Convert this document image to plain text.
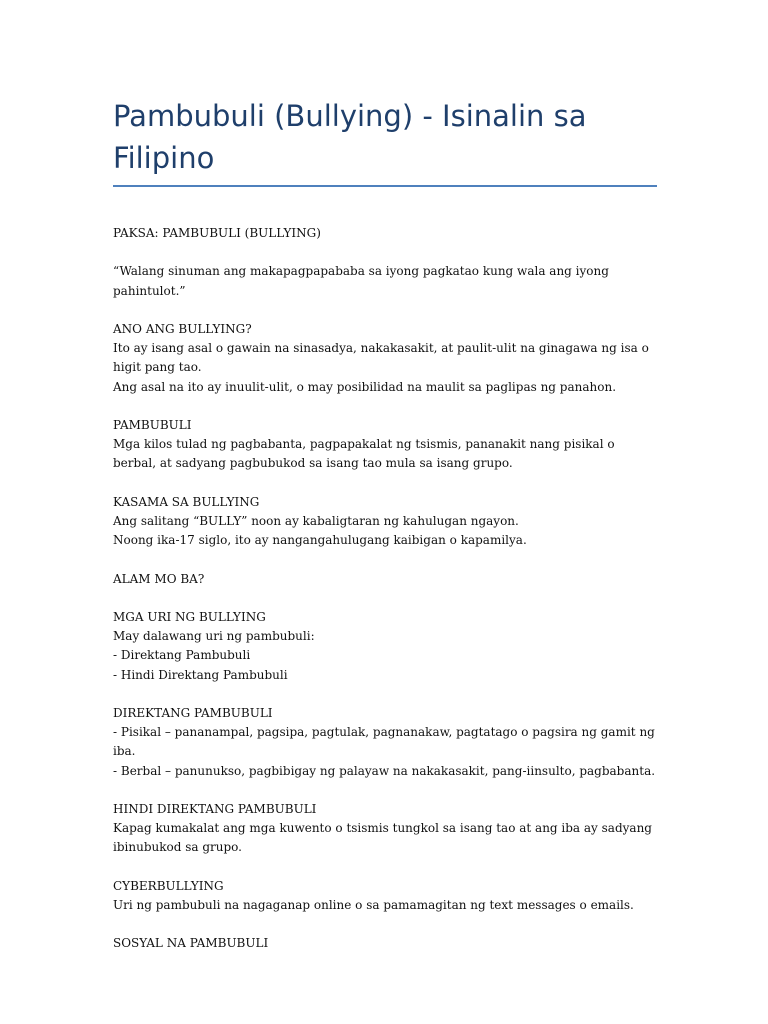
Pambubuli (Bullying) - Isinalin sa Filipino
PAKSA: PAMBUBULI (BULLYING)
“Walang sinuman ang makapagpapababa sa iyong pagkatao kung wala ang iyong pahintulot.”
ANO ANG BULLYING?
Ito ay isang asal o gawain na sinasadya, nakakasakit, at paulit-ulit na ginagawa ng isa o higit pang tao.
Ang asal na ito ay inuulit-ulit, o may posibilidad na maulit sa paglipas ng panahon.
PAMBUBULI
Mga kilos tulad ng pagbabanta, pagpapakalat ng tsismis, pananakit nang pisikal o berbal, at sadyang pagbubukod sa isang tao mula sa isang grupo.
KASAMA SA BULLYING
Ang salitang “BULLY” noon ay kabaligtaran ng kahulugan ngayon.
Noong ika-17 siglo, ito ay nangangahulugang kaibigan o kapamilya.
ALAM MO BA?
MGA URI NG BULLYING
May dalawang uri ng pambubuli:
- Direktang Pambubuli
- Hindi Direktang Pambubuli
DIREKTANG PAMBUBULI
- Pisikal – pananampal, pagsipa, pagtulak, pagnanakaw, pagtatago o pagsira ng gamit ng iba.
- Berbal – panunukso, pagbibigay ng palayaw na nakakasakit, pang-iinsulto, pagbabanta.
HINDI DIREKTANG PAMBUBULI
Kapag kumakalat ang mga kuwento o tsismis tungkol sa isang tao at ang iba ay sadyang ibinubukod sa grupo.
CYBERBULLYING
Uri ng pambubuli na nagaganap online o sa pamamagitan ng text messages o emails.
SOSYAL NA PAMBUBULI
